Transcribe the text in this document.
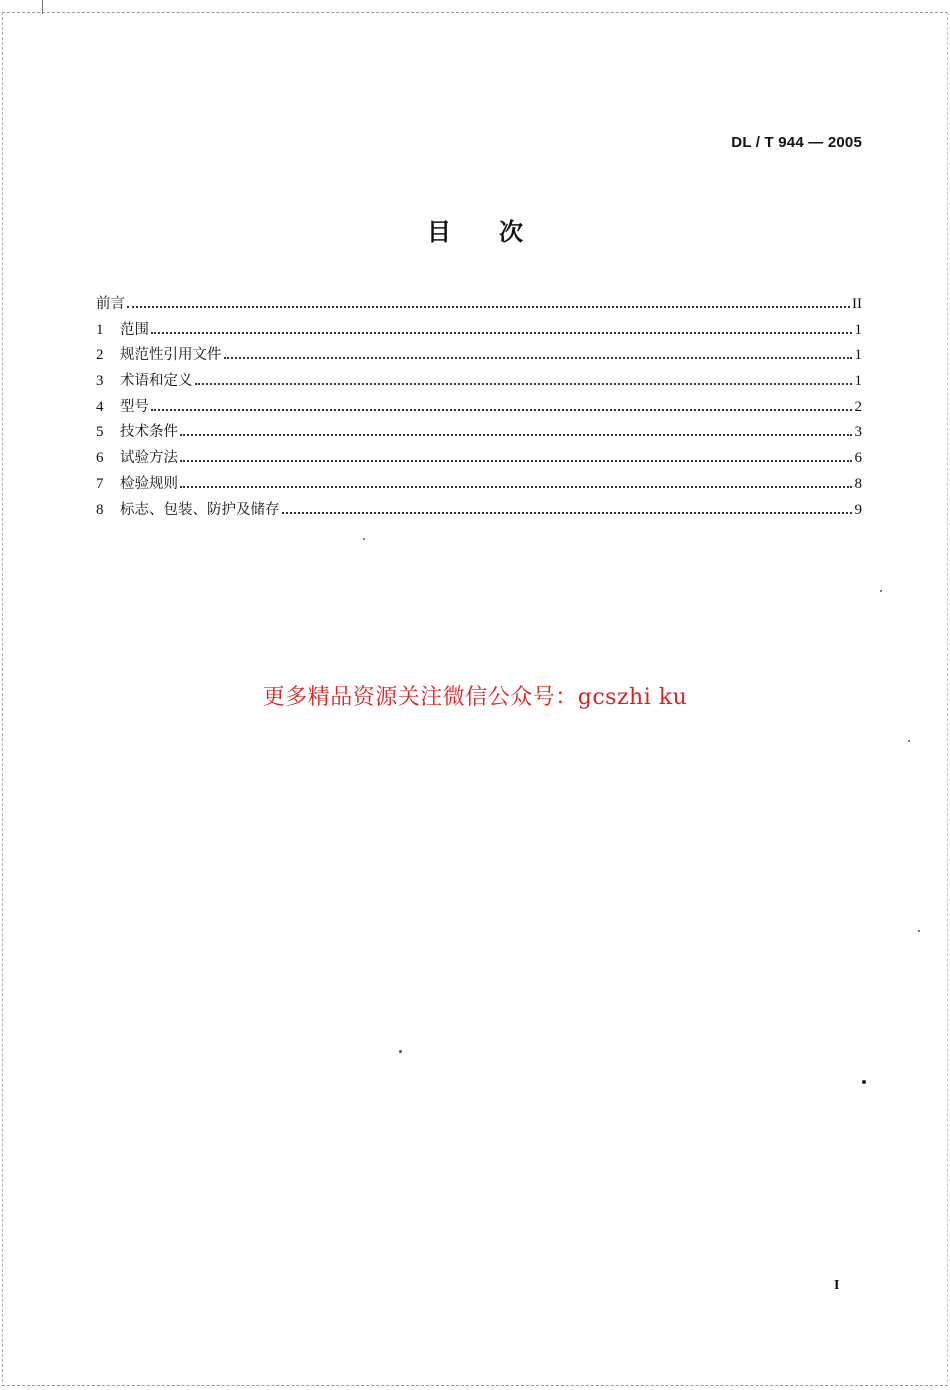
DL / T 944 — 2005
目次
前言	II
1	范围	1
2	规范性引用文件	1
3	术语和定义	1
4	型号	2
5	技术条件	3
6	试验方法	6
7	检验规则	8
8	标志、包装、防护及储存	9
更多精品资源关注微信公众号：gcszhi ku
I
